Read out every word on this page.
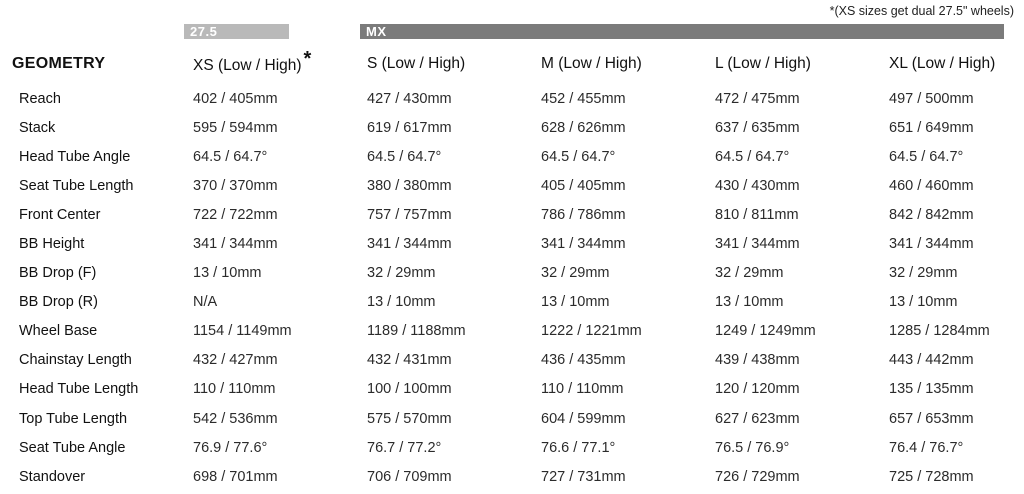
*(XS sizes get dual 27.5" wheels)
27.5	MX
GEOMETRY	XS (Low / High) *	S (Low / High)	M (Low / High)	L (Low / High)	XL (Low / High)
Reach	402 / 405mm	427 / 430mm	452 / 455mm	472 / 475mm	497 / 500mm
Stack	595 / 594mm	619 / 617mm	628 / 626mm	637 / 635mm	651 / 649mm
Head Tube Angle	64.5 / 64.7°	64.5 / 64.7°	64.5 / 64.7°	64.5 / 64.7°	64.5 / 64.7°
Seat Tube Length	370 / 370mm	380 / 380mm	405 / 405mm	430 / 430mm	460 / 460mm
Front Center	722 / 722mm	757 / 757mm	786 / 786mm	810 / 811mm	842 / 842mm
BB Height	341 / 344mm	341 / 344mm	341 / 344mm	341 / 344mm	341 / 344mm
BB Drop (F)	13 / 10mm	32 / 29mm	32 / 29mm	32 / 29mm	32 / 29mm
BB Drop (R)	N/A	13 / 10mm	13 / 10mm	13 / 10mm	13 / 10mm
Wheel Base	1154 / 1149mm	1189 / 1188mm	1222 / 1221mm	1249 / 1249mm	1285 / 1284mm
Chainstay Length	432 / 427mm	432 / 431mm	436 / 435mm	439 / 438mm	443 / 442mm
Head Tube Length	110 / 110mm	100 / 100mm	110 / 110mm	120 / 120mm	135 / 135mm
Top Tube Length	542 / 536mm	575 / 570mm	604 / 599mm	627 / 623mm	657 / 653mm
Seat Tube Angle	76.9 / 77.6°	76.7 / 77.2°	76.6 / 77.1°	76.5 / 76.9°	76.4 / 76.7°
Standover	698 / 701mm	706 / 709mm	727 / 731mm	726 / 729mm	725 / 728mm
